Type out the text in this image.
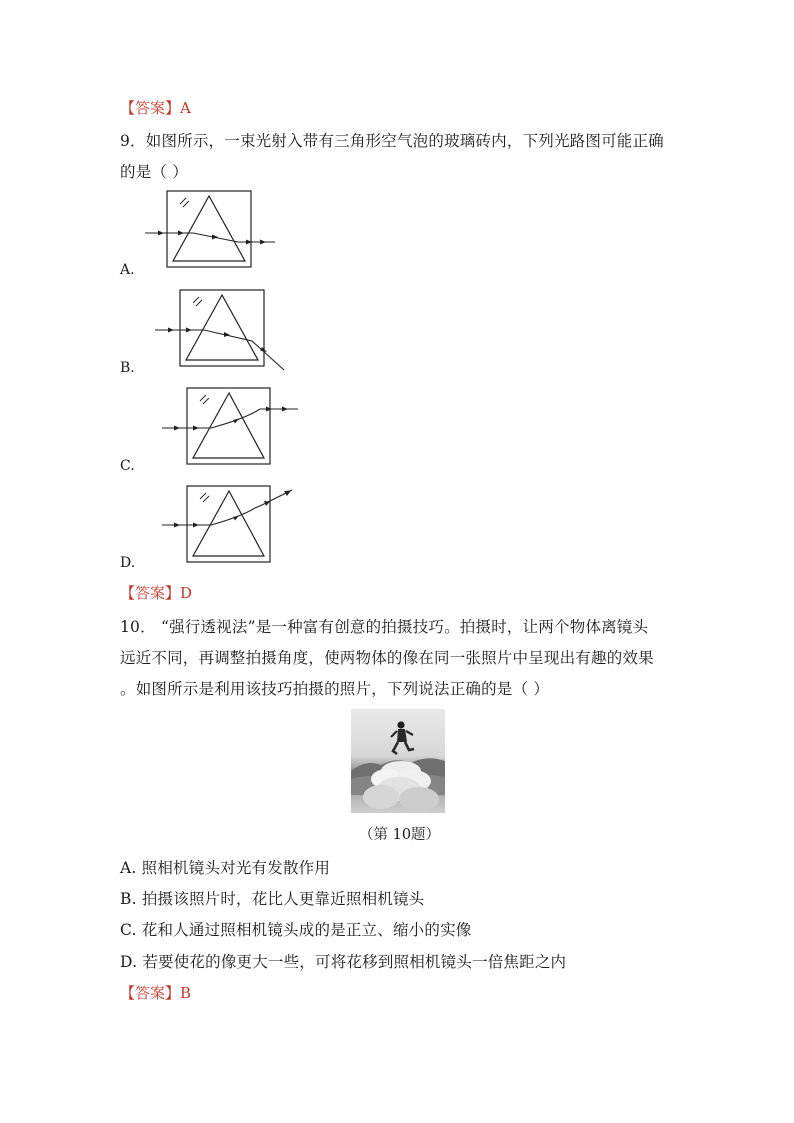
【答案】A
9．如图所示，一束光射入带有三角形空气泡的玻璃砖内，下列光路图可能正确
的是（ ）
A.
B.
C.
D.
【答案】D
10． “强行透视法”是一种富有创意的拍摄技巧。拍摄时，让两个物体离镜头
远近不同，再调整拍摄角度，使两物体的像在同一张照片中呈现出有趣的效果
。如图所示是利用该技巧拍摄的照片，下列说法正确的是（ ）
（第 10题）
A. 照相机镜头对光有发散作用
B. 拍摄该照片时，花比人更靠近照相机镜头
C. 花和人通过照相机镜头成的是正立、缩小的实像
D. 若要使花的像更大一些，可将花移到照相机镜头一倍焦距之内
【答案】B
